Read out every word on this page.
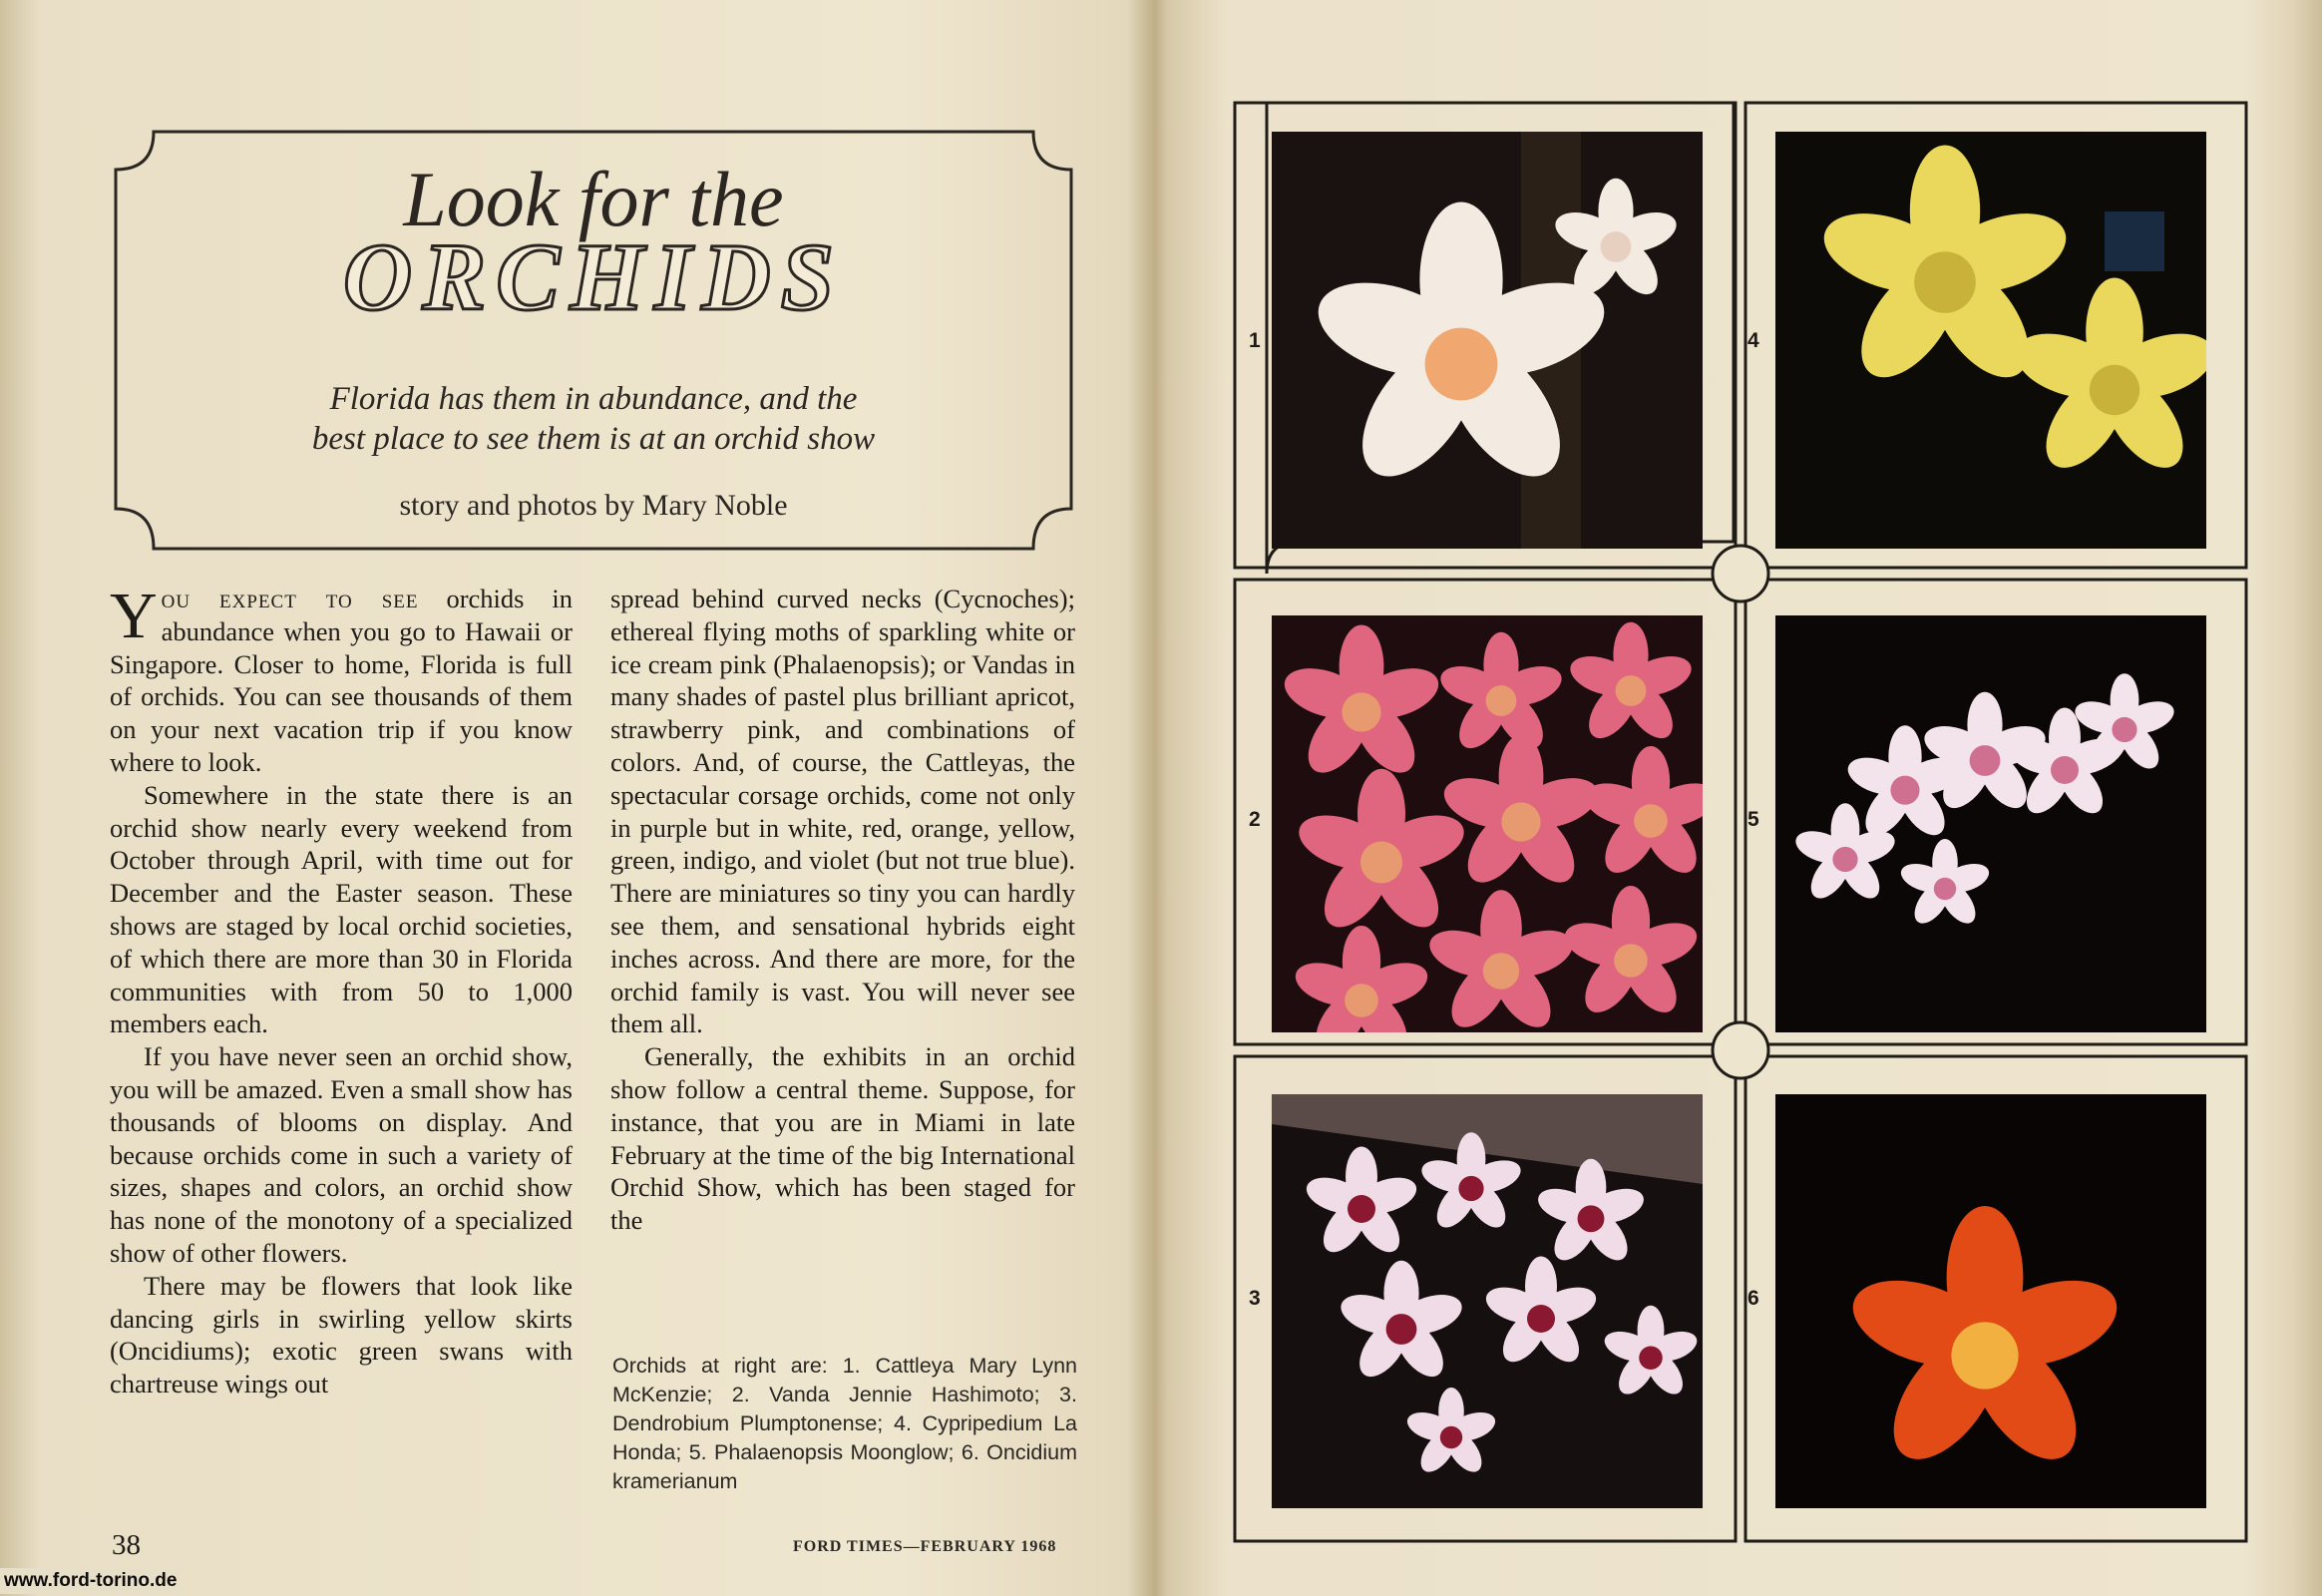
Look for the
ORCHIDS
Florida has them in abundance, and the
best place to see them is at an orchid show
story and photos by Mary Noble

You expect to see orchids in abundance when you go to Hawaii or Singapore. Closer to home, Florida is full of orchids. You can see thousands of them on your next vacation trip if you know where to look.

Somewhere in the state there is an orchid show nearly every weekend from October through April, with time out for December and the Easter season. These shows are staged by local orchid societies, of which there are more than 30 in Florida communities with from 50 to 1,000 members each.

If you have never seen an orchid show, you will be amazed. Even a small show has thousands of blooms on display. And because orchids come in such a variety of sizes, shapes and colors, an orchid show has none of the monotony of a specialized show of other flowers.

There may be flowers that look like dancing girls in swirling yellow skirts (Oncidiums); exotic green swans with chartreuse wings out

spread behind curved necks (Cycnoches); ethereal flying moths of sparkling white or ice cream pink (Phalaenopsis); or Vandas in many shades of pastel plus brilliant apricot, strawberry pink, and combinations of colors. And, of course, the Cattleyas, the spectacular corsage orchids, come not only in purple but in white, red, orange, yellow, green, indigo, and violet (but not true blue). There are miniatures so tiny you can hardly see them, and sensational hybrids eight inches across. And there are more, for the orchid family is vast. You will never see them all.

Generally, the exhibits in an orchid show follow a central theme. Suppose, for instance, that you are in Miami in late February at the time of the big International Orchid Show, which has been staged for the

Orchids at right are: 1. Cattleya Mary Lynn McKenzie; 2. Vanda Jennie Hashimoto; 3. Dendrobium Plumptonense; 4. Cypripedium La Honda; 5. Phalaenopsis Moonglow; 6. Oncidium kramerianum
38	FORD TIMES—FEBRUARY 1968
www.ford-torino.de
1
2
3
4
5
6
